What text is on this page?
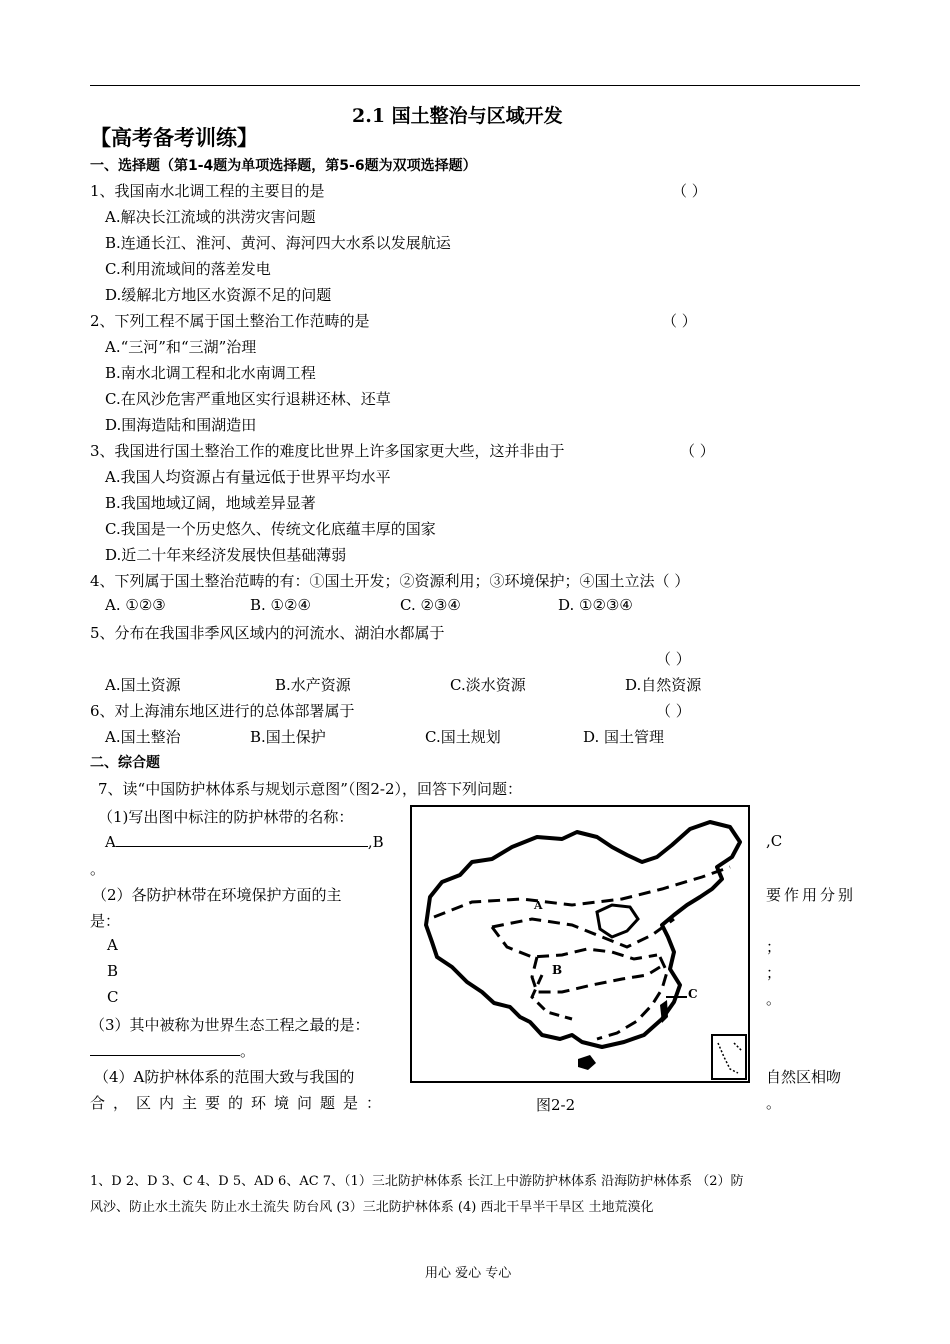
2.1 国土整治与区域开发
【高考备考训练】
一、选择题（第1-4题为单项选择题，第5-6题为双项选择题）
1、我国南水北调工程的主要目的是	（ ）
A.解决长江流域的洪涝灾害问题
B.连通长江、淮河、黄河、海河四大水系以发展航运
C.利用流域间的落差发电
D.缓解北方地区水资源不足的问题
2、下列工程不属于国土整治工作范畴的是	（ ）
A.“三河”和“三湖”治理
B.南水北调工程和北水南调工程
C.在风沙危害严重地区实行退耕还林、还草
D.围海造陆和围湖造田
3、我国进行国土整治工作的难度比世界上许多国家更大些，这并非由于	（ ）
A.我国人均资源占有量远低于世界平均水平
B.我国地域辽阔，地域差异显著
C.我国是一个历史悠久、传统文化底蕴丰厚的国家
D.近二十年来经济发展快但基础薄弱
4、下列属于国土整治范畴的有：①国土开发；②资源利用；③环境保护；④国土立法（ ）
A. ①②③	B. ①②④	C. ②③④	D. ①②③④
5、分布在我国非季风区域内的河流水、湖泊水都属于
（ ）
A.国土资源	B.水产资源	C.淡水资源	D.自然资源
6、对上海浦东地区进行的总体部署属于	（ ）
A.国土整治	B.国土保护	C.国土规划	D. 国土管理
二、综合题
7、读“中国防护林体系与规划示意图”（图2-2），回答下列问题：
（1)写出图中标注的防护林带的名称：
A	,B	,C
。
（2）各防护林带在环境保护方面的主	要作用分别
是：
A	；
B	；
C	。
（3）其中被称为世界生态工程之最的是：
。
（4）A防护林体系的范围大致与我国的	自然区相吻
合，区内主要的环境问题是：	。
A
B
C
图2-2
1、D 2、D 3、C 4、D 5、AD 6、AC 7、（1）三北防护林体系 长江上中游防护林体系 沿海防护林体系 （2）防
风沙、防止水土流失 防止水土流失 防台风 (3）三北防护林体系 (4) 西北干旱半干旱区 土地荒漠化
用心 爱心 专心
